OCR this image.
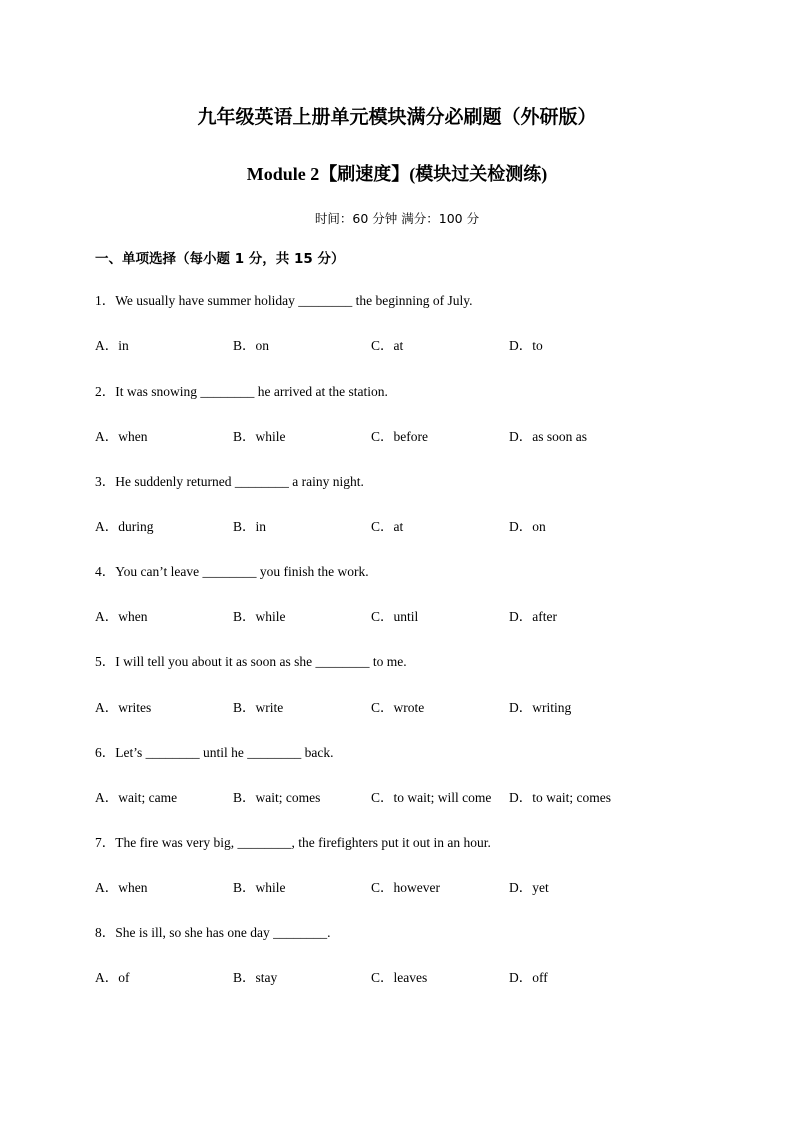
九年级英语上册单元模块满分必刷题（外研版）
Module 2【刷速度】(模块过关检测练)
时间：60 分钟 满分：100 分
一、单项选择（每小题 1 分，共 15 分）
1．We usually have summer holiday ________ the beginning of July.
A．in	B．on	C．at	D．to
2．It was snowing ________ he arrived at the station.
A．when	B．while	C．before	D．as soon as
3．He suddenly returned ________ a rainy night.
A．during	B．in	C．at	D．on
4．You can’t leave ________ you finish the work.
A．when	B．while	C．until	D．after
5．I will tell you about it as soon as she ________ to me.
A．writes	B．write	C．wrote	D．writing
6．Let’s ________ until he ________ back.
A．wait; came	B．wait; comes	C．to wait; will come D．to wait; comes
7．The fire was very big, ________, the firefighters put it out in an hour.
A．when	B．while	C．however	D．yet
8．She is ill, so she has one day ________.
A．of	B．stay	C．leaves	D．off
